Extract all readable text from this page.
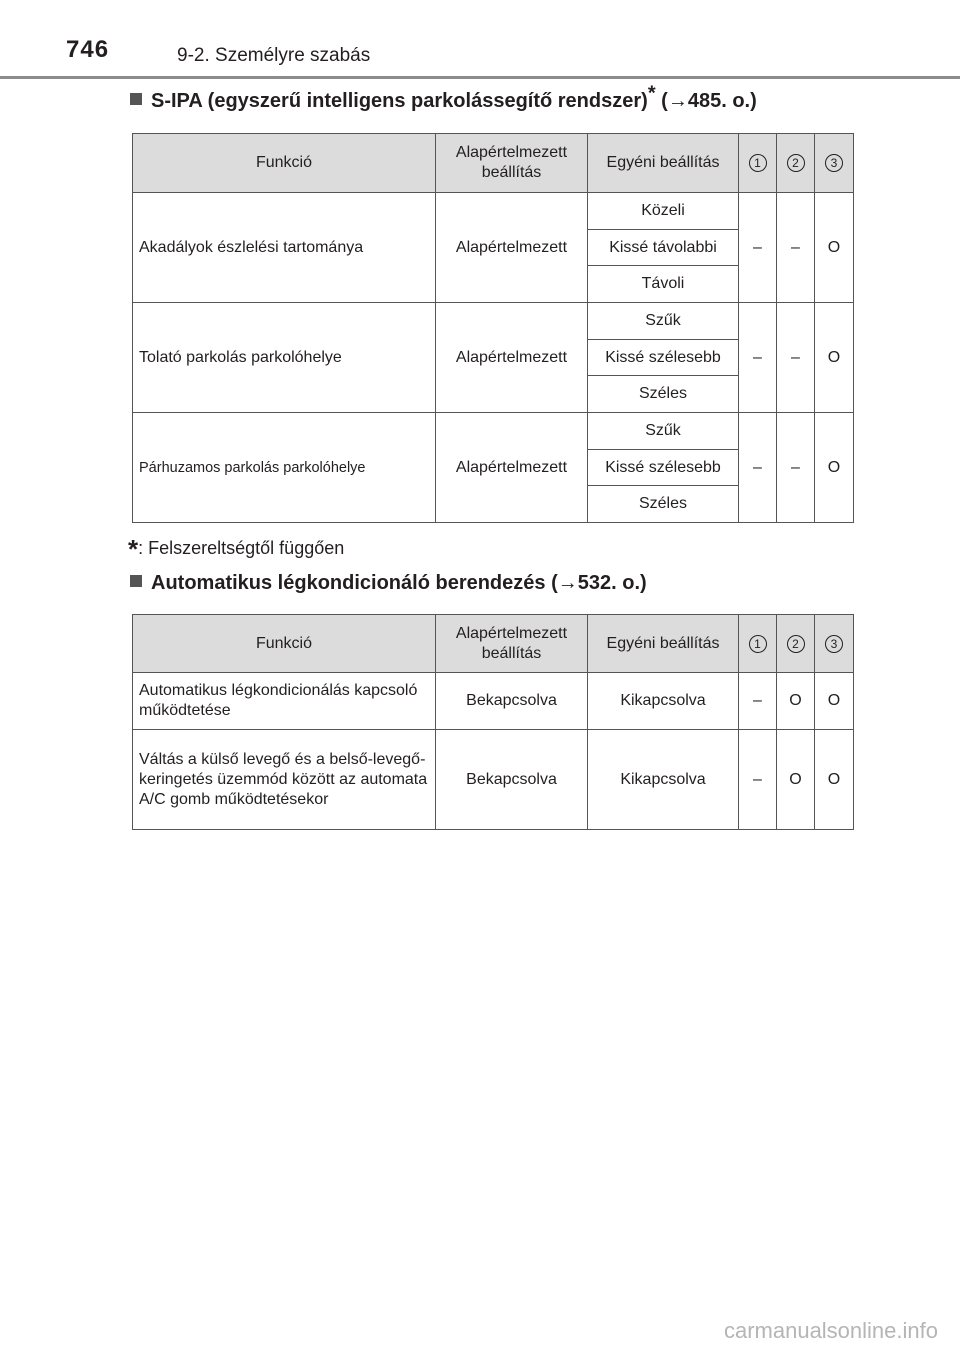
746	9-2. Személyre szabás
S-IPA (egyszerű intelligens parkolássegítő rendszer)* (→485. o.)
Funkció	Alapértelmezett beállítás	Egyéni beállítás	1	2	3
Akadályok észlelési tartománya	Alapértelmezett	Közeli	–	–	O
		Kissé távolabbi			
		Távoli			
Tolató parkolás parkolóhelye	Alapértelmezett	Szűk	–	–	O
		Kissé szélesebb			
		Széles			
Párhuzamos parkolás parkolóhelye	Alapértelmezett	Szűk	–	–	O
		Kissé szélesebb			
		Széles			
*: Felszereltségtől függően
Automatikus légkondicionáló berendezés (→532. o.)
Funkció	Alapértelmezett beállítás	Egyéni beállítás	1	2	3
Automatikus légkondicionálás kapcsoló működtetése	Bekapcsolva	Kikapcsolva	–	O	O
Váltás a külső levegő és a belső-levegő-keringetés üzemmód között az automata A/C gomb működtetésekor	Bekapcsolva	Kikapcsolva	–	O	O
carmanualsonline.info
